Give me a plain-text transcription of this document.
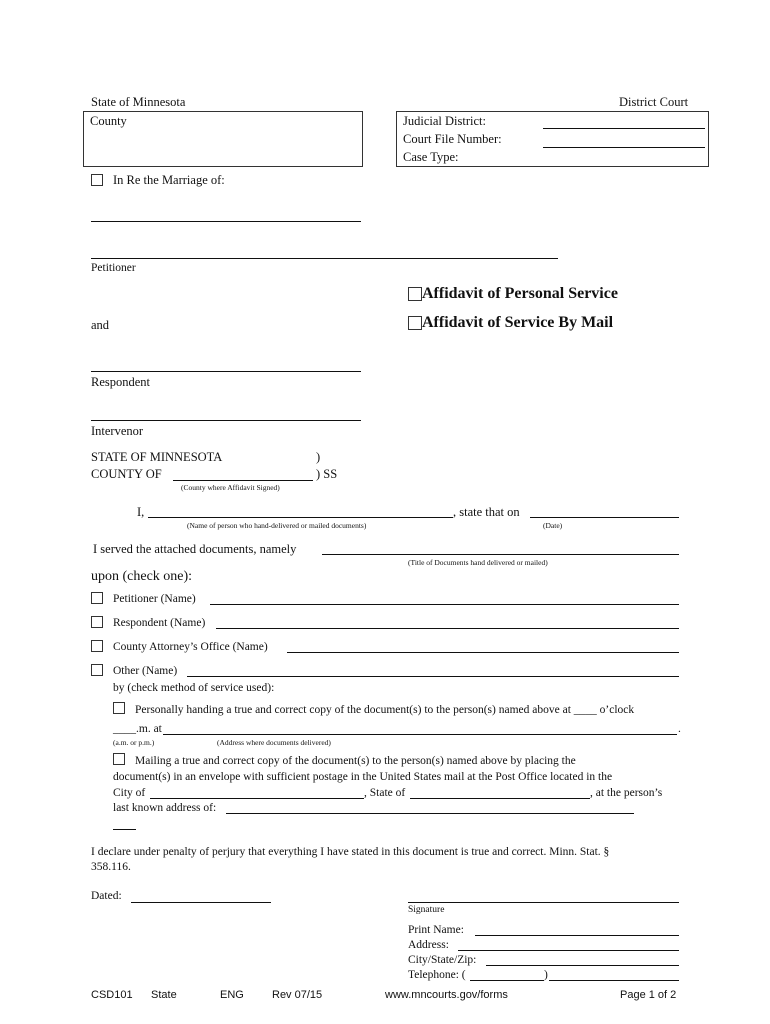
State of Minnesota	District Court
County	Judicial District:
Court File Number:
Case Type:
In Re the Marriage of:
Petitioner
Affidavit of Personal Service
Affidavit of Service By Mail
and
Respondent
Intervenor
STATE OF MINNESOTA	)
COUNTY OF	) SS
(County where Affidavit Signed)
I,	, state that on
(Name of person who hand-delivered or mailed documents)	(Date)
I served the attached documents, namely
(Title of Documents hand delivered or mailed)
upon (check one):
Petitioner (Name)
Respondent (Name)
County Attorney’s Office (Name)
Other (Name)
by (check method of service used):
Personally handing a true and correct copy of the document(s) to the person(s) named above at ____ o’clock
____.m. at	.
(a.m. or p.m.)	(Address where documents delivered)
Mailing a true and correct copy of the document(s) to the person(s) named above by placing the
document(s) in an envelope with sufficient postage in the United States mail at the Post Office located in the
City of	, State of	, at the person’s
last known address of:
I declare under penalty of perjury that everything I have stated in this document is true and correct. Minn. Stat. §
358.116.
Dated:
Signature
Print Name:
Address:
City/State/Zip:
Telephone: (	)
CSD101 State	ENG	Rev 07/15	www.mncourts.gov/forms	Page 1 of 2
